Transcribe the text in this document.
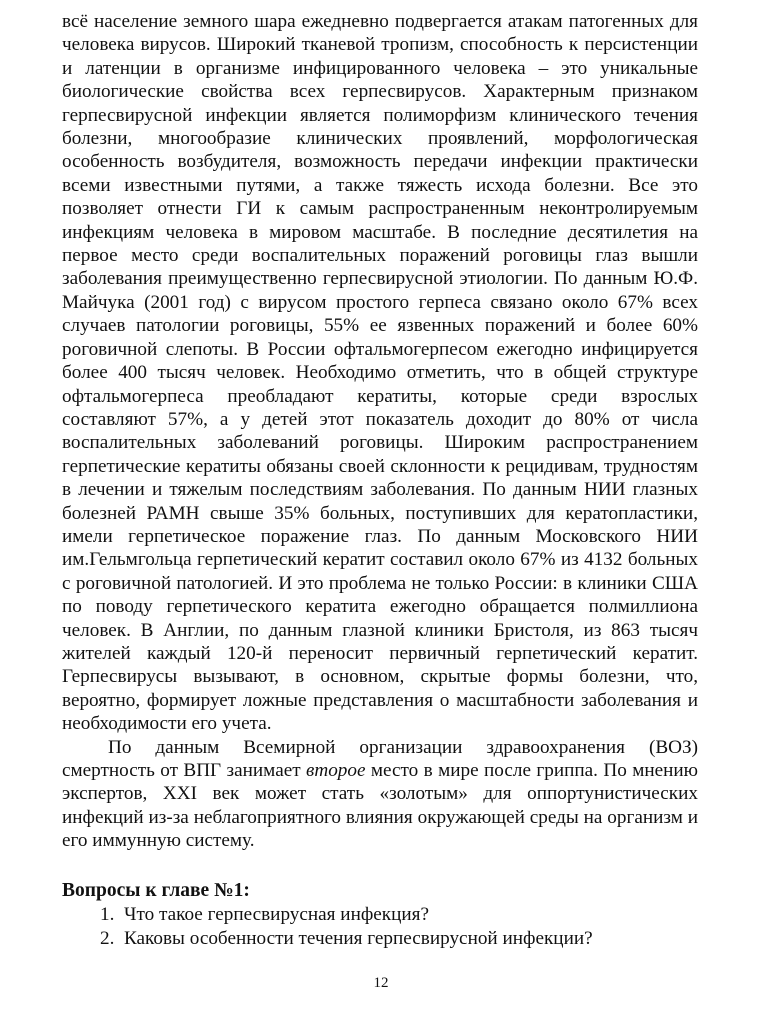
всё население земного шара ежедневно подвергается атакам патогенных для человека вирусов. Широкий тканевой тропизм, способность к персистенции и латенции в организме инфицированного человека – это уникальные биологические свойства всех герпесвирусов. Характерным признаком герпесвирусной инфекции является полиморфизм клинического течения болезни, многообразие клинических проявлений, морфологическая особенность возбудителя, возможность передачи инфекции практически всеми известными путями, а также тяжесть исхода болезни. Все это позволяет отнести ГИ к самым распространенным неконтролируемым инфекциям человека в мировом масштабе. В последние десятилетия на первое место среди воспалительных поражений роговицы глаз вышли заболевания преимущественно герпесвирусной этиологии. По данным Ю.Ф. Майчука (2001 год) с вирусом простого герпеса связано около 67% всех случаев патологии роговицы, 55% ее язвенных поражений и более 60% роговичной слепоты. В России офтальмогерпесом ежегодно инфицируется более 400 тысяч человек. Необходимо отметить, что в общей структуре офтальмогерпеса преобладают кератиты, которые среди взрослых составляют 57%, а у детей этот показатель доходит до 80% от числа воспалительных заболеваний роговицы. Широким распространением герпетические кератиты обязаны своей склонности к рецидивам, трудностям в лечении и тяжелым последствиям заболевания. По данным НИИ глазных болезней РАМН свыше 35% больных, поступивших для кератопластики, имели герпетическое поражение глаз. По данным Московского НИИ им.Гельмгольца герпетический кератит составил около 67% из 4132 больных с роговичной патологией. И это проблема не только России: в клиники США по поводу герпетического кератита ежегодно обращается полмиллиона человек. В Англии, по данным глазной клиники Бристоля, из 863 тысяч жителей каждый 120-й переносит первичный герпетический кератит. Герпесвирусы вызывают, в основном, скрытые формы болезни, что, вероятно, формирует ложные представления о масштабности заболевания и необходимости его учета.

По данным Всемирной организации здравоохранения (ВОЗ) смертность от ВПГ занимает второе место в мире после гриппа. По мнению экспертов, XXI век может стать «золотым» для оппортунистических инфекций из-за неблагоприятного влияния окружающей среды на организм и его иммунную систему.

Вопросы к главе №1:
1. Что такое герпесвирусная инфекция?
2. Каковы особенности течения герпесвирусной инфекции?
12
